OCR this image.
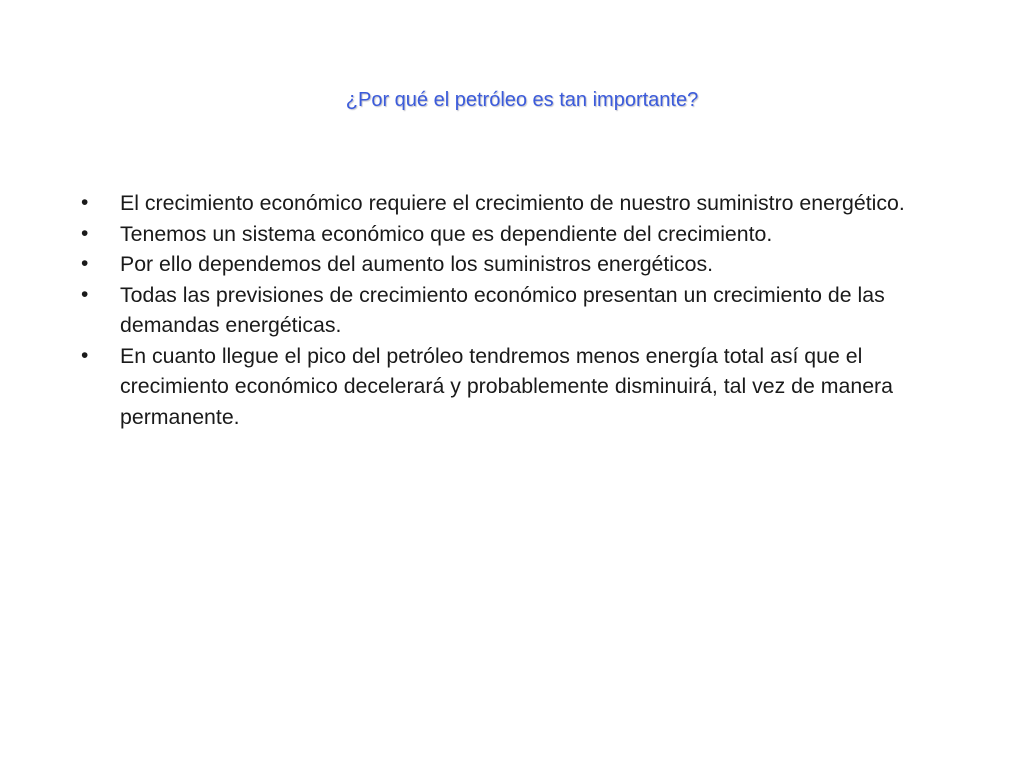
¿Por qué el petróleo es tan importante?
•	El crecimiento económico requiere el crecimiento de nuestro suministro energético.
•	Tenemos un sistema económico que es dependiente del crecimiento.
•	Por ello dependemos del aumento los suministros energéticos.
•	Todas las previsiones de crecimiento económico presentan un crecimiento de las demandas energéticas.
•	En cuanto llegue el pico del petróleo tendremos menos energía total así que el crecimiento económico decelerará y probablemente disminuirá, tal vez de manera permanente.
